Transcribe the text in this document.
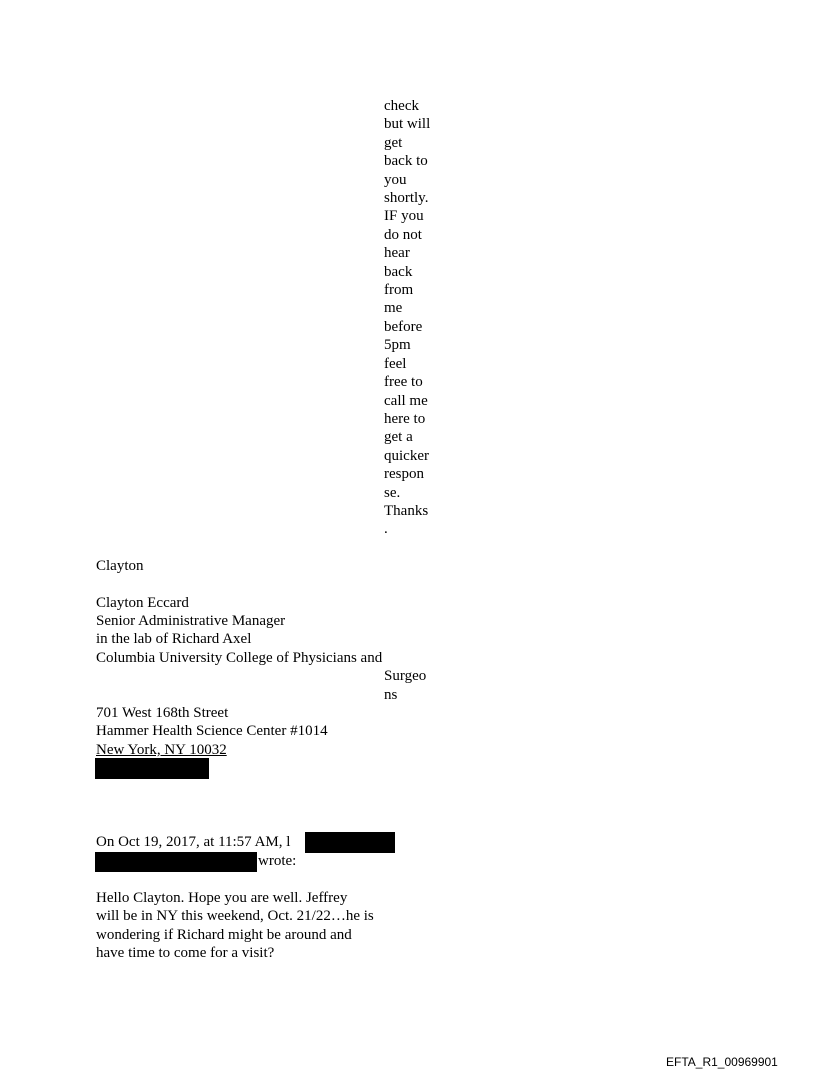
check
but will
get
back to
you
shortly.
IF you
do not
hear
back
from
me
before
5pm
feel
free to
call me
here to
get a
quicker
respon
se.
Thanks
.
Clayton
Clayton Eccard
Senior Administrative Manager
in the lab of Richard Axel
Columbia University College of Physicians and
Surgeo
ns
701 West 168th Street
Hammer Health Science Center #1014
New York, NY 10032
On Oct 19, 2017, at 11:57 AM, l
wrote:
Hello Clayton. Hope you are well. Jeffrey
will be in NY this weekend, Oct. 21/22…he is
wondering if Richard might be around and
have time to come for a visit?
EFTA_R1_00969901
